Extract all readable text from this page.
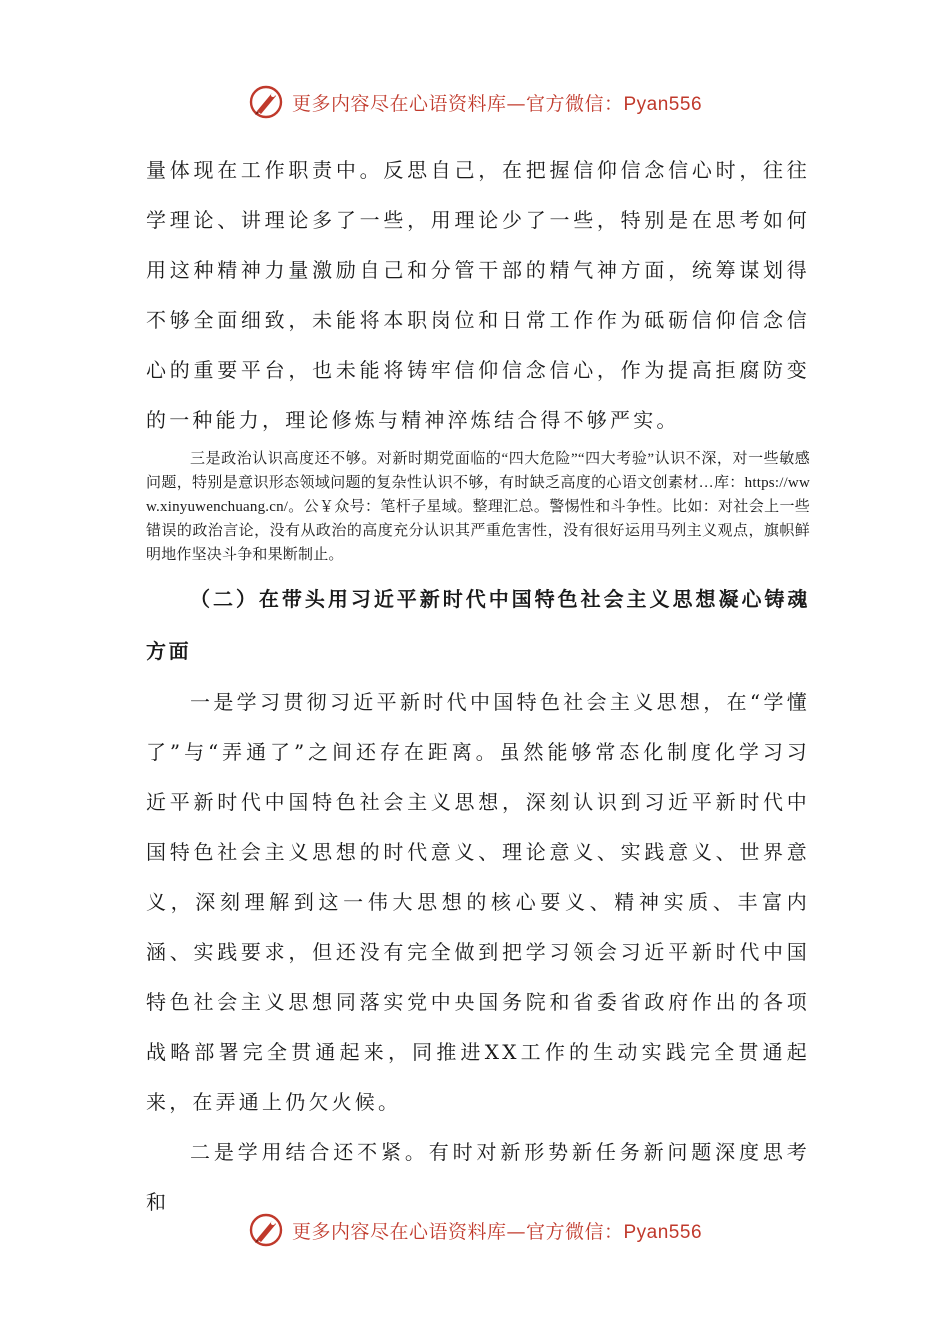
更多内容尽在心语资料库—官方微信：Pyan556

量体现在工作职责中。反思自己，在把握信仰信念信心时，往往学理论、讲理论多了一些，用理论少了一些，特别是在思考如何用这种精神力量激励自己和分管干部的精气神方面，统筹谋划得不够全面细致，未能将本职岗位和日常工作作为砥砺信仰信念信心的重要平台，也未能将铸牢信仰信念信心，作为提高拒腐防变的一种能力，理论修炼与精神淬炼结合得不够严实。

三是政治认识高度还不够。对新时期党面临的“四大危险”“四大考验”认识不深，对一些敏感问题，特别是意识形态领域问题的复杂性认识不够，有时缺乏高度的心语文创素材…库：https://www.xinyuwenchuang.cn/。公￥众号：笔杆子星域。整理汇总。警惕性和斗争性。比如：对社会上一些错误的政治言论，没有从政治的高度充分认识其严重危害性，没有很好运用马列主义观点，旗帜鲜明地作坚决斗争和果断制止。

（二）在带头用习近平新时代中国特色社会主义思想凝心铸魂方面

一是学习贯彻习近平新时代中国特色社会主义思想，在“学懂了”与“弄通了”之间还存在距离。虽然能够常态化制度化学习习近平新时代中国特色社会主义思想，深刻认识到习近平新时代中国特色社会主义思想的时代意义、理论意义、实践意义、世界意义，深刻理解到这一伟大思想的核心要义、精神实质、丰富内涵、实践要求，但还没有完全做到把学习领会习近平新时代中国特色社会主义思想同落实党中央国务院和省委省政府作出的各项战略部署完全贯通起来，同推进XX工作的生动实践完全贯通起来，在弄通上仍欠火候。

二是学用结合还不紧。有时对新形势新任务新问题深度思考和

更多内容尽在心语资料库—官方微信：Pyan556
